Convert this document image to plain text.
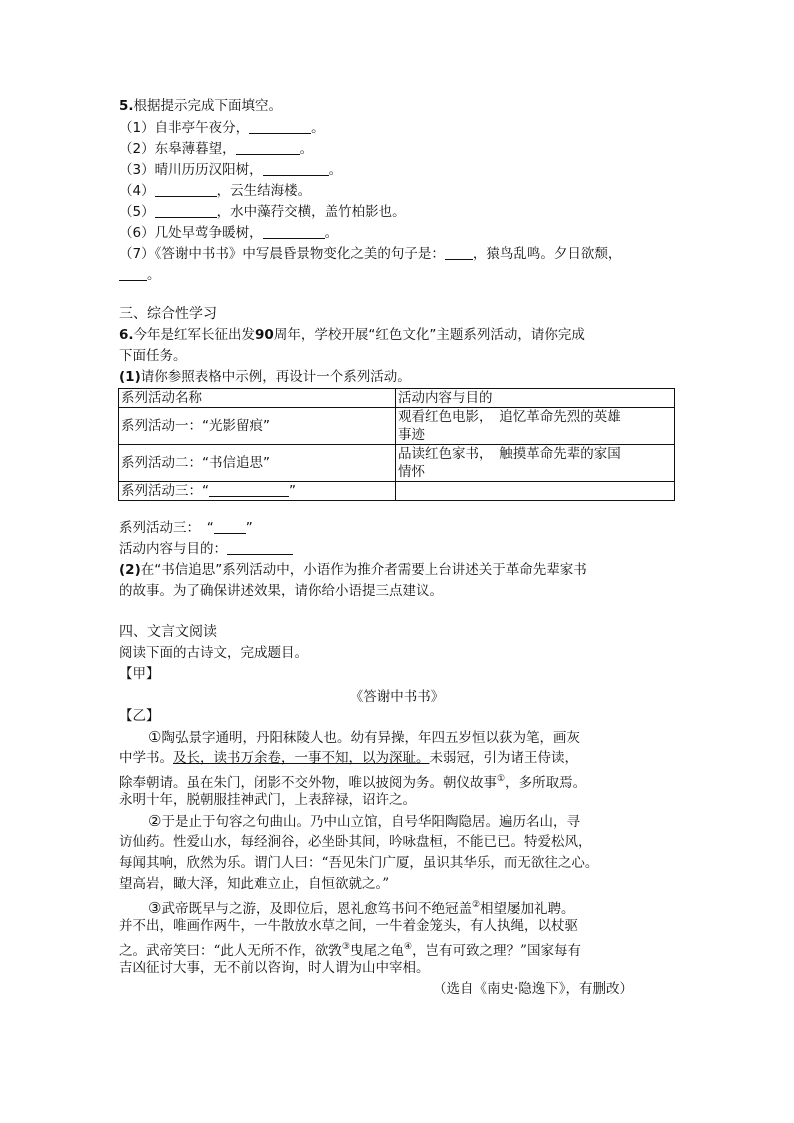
5.根据提示完成下面填空。
（1）自非亭午夜分，	。
（2）东皋薄暮望，	。
（3）晴川历历汉阳树，	。
（4）	，云生结海楼。
（5）	，水中藻荇交横，盖竹柏影也。
（6）几处早莺争暖树，	。
（7）《答谢中书书》中写晨昏景物变化之美的句子是： ，猿鸟乱鸣。夕日欲颓，
。
三、综合性学习
6.今年是红军长征出发90周年，学校开展“红色文化”主题系列活动，请你完成
下面任务。
(1)请你参照表格中示例，再设计一个系列活动。
系列活动名称	活动内容与目的
系列活动一：“光影留痕”	观看红色电影，　追忆革命先烈的英雄
事迹

系列活动二：“书信追思”	品读红色家书，　触摸革命先辈的家国
情怀

系列活动三：“ ”	
系列活动三：　“ ”
活动内容与目的：
(2)在“书信追思”系列活动中，小语作为推介者需要上台讲述关于革命先辈家书
的故事。为了确保讲述效果，请你给小语提三点建议。
四、文言文阅读
阅读下面的古诗文，完成题目。
【甲】
《答谢中书书》
【乙】
①陶弘景字通明，丹阳秣陵人也。幼有异操，年四五岁恒以荻为笔，画灰
中学书。及长，读书万余卷，一事不知，以为深耻。未弱冠，引为诸王侍读，
除奉朝请。虽在朱门，闭影不交外物，唯以披阅为务。朝仪故事①，多所取焉。
永明十年，脱朝服挂神武门，上表辞禄，诏许之。
②于是止于句容之句曲山。乃中山立馆，自号华阳陶隐居。遍历名山，寻
访仙药。性爱山水，每经涧谷，必坐卧其间，吟咏盘桓，不能已已。特爱松风，
每闻其响，欣然为乐。谓门人曰：“吾见朱门广厦，虽识其华乐，而无欲往之心。
望高岩，瞰大泽，知此难立止，自恒欲就之。”
③武帝既早与之游，及即位后，恩礼愈笃书问不绝冠盖②相望屡加礼聘。
并不出，唯画作两牛，一牛散放水草之间，一牛着金笼头，有人执绳，以杖驱
之。武帝笑曰：“此人无所不作，欲敩③曳尾之龟④，岂有可致之理？”国家每有
吉凶征讨大事，无不前以咨询，时人谓为山中宰相。
（选自《南史·隐逸下》，有删改）
